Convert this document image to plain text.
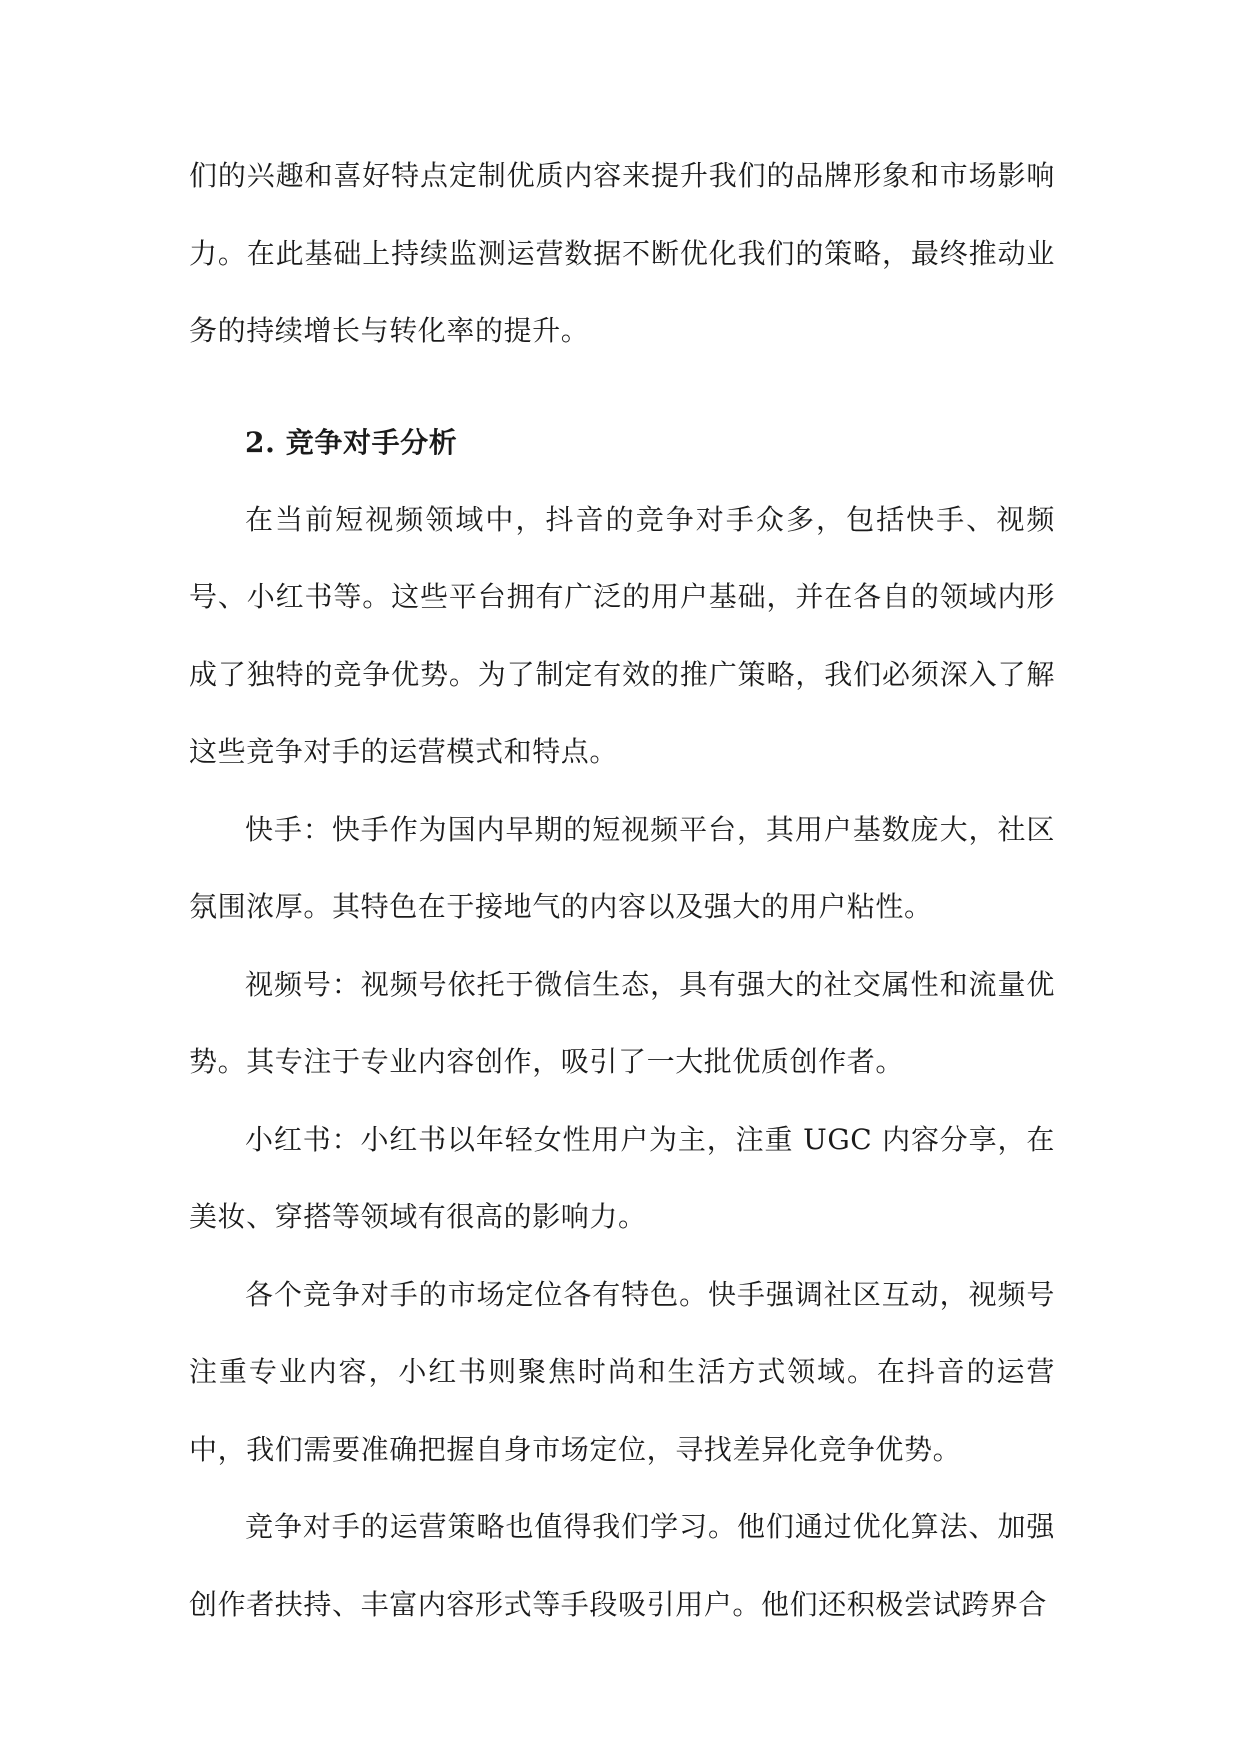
们的兴趣和喜好特点定制优质内容来提升我们的品牌形象和市场影响力。在此基础上持续监测运营数据不断优化我们的策略，最终推动业务的持续增长与转化率的提升。

2. 竞争对手分析

在当前短视频领域中，抖音的竞争对手众多，包括快手、视频号、小红书等。这些平台拥有广泛的用户基础，并在各自的领域内形成了独特的竞争优势。为了制定有效的推广策略，我们必须深入了解这些竞争对手的运营模式和特点。

快手：快手作为国内早期的短视频平台，其用户基数庞大，社区氛围浓厚。其特色在于接地气的内容以及强大的用户粘性。

视频号：视频号依托于微信生态，具有强大的社交属性和流量优势。其专注于专业内容创作，吸引了一大批优质创作者。

小红书：小红书以年轻女性用户为主，注重 UGC 内容分享，在美妆、穿搭等领域有很高的影响力。

各个竞争对手的市场定位各有特色。快手强调社区互动，视频号注重专业内容，小红书则聚焦时尚和生活方式领域。在抖音的运营中，我们需要准确把握自身市场定位，寻找差异化竞争优势。

竞争对手的运营策略也值得我们学习。他们通过优化算法、加强创作者扶持、丰富内容形式等手段吸引用户。他们还积极尝试跨界合
